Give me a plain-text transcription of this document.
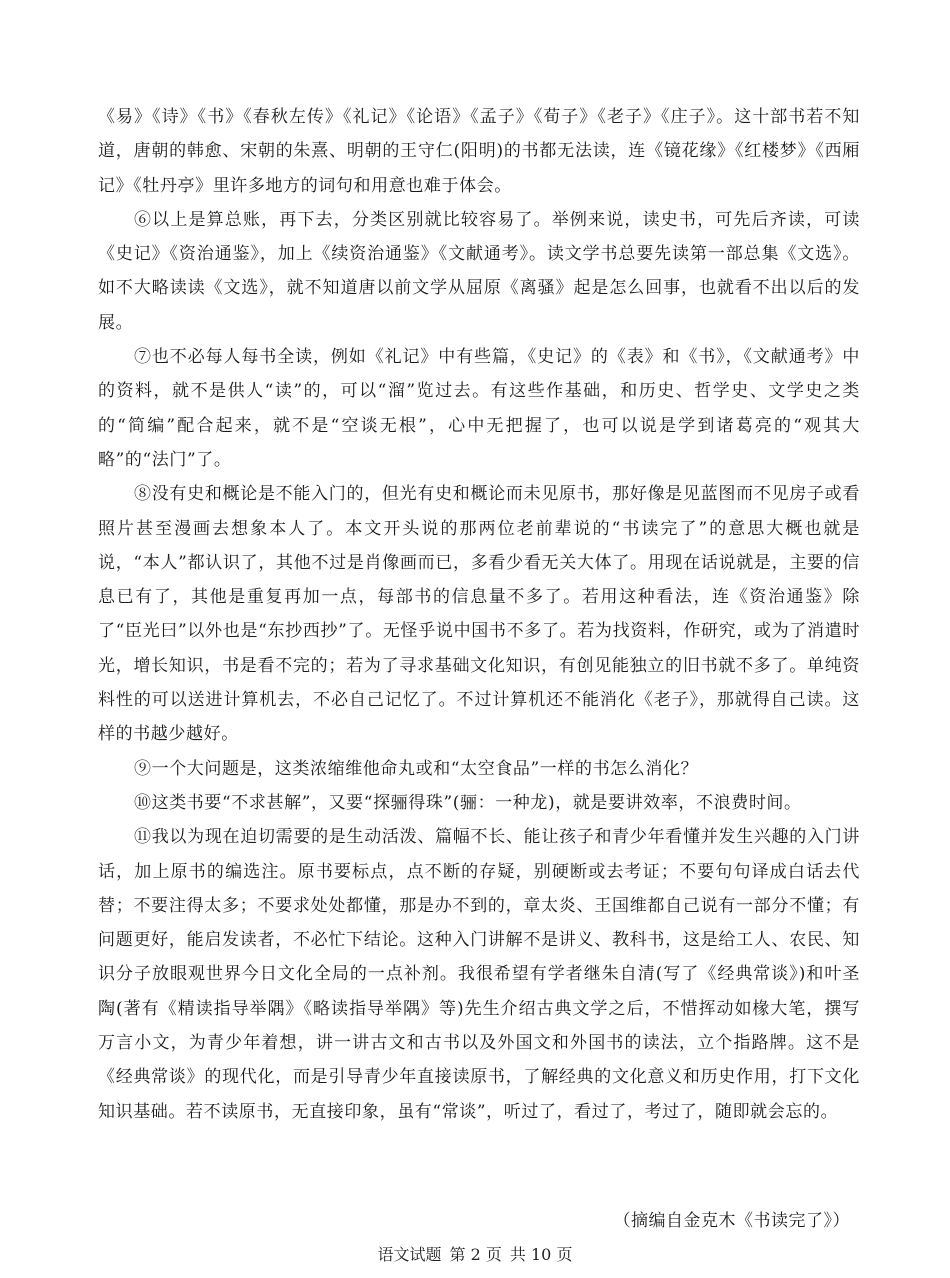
《易》《诗》《书》《春秋左传》《礼记》《论语》《孟子》《荀子》《老子》《庄子》。这十部书若不知道，唐朝的韩愈、宋朝的朱熹、明朝的王守仁(阳明)的书都无法读，连《镜花缘》《红楼梦》《西厢记》《牡丹亭》里许多地方的词句和用意也难于体会。

⑥以上是算总账，再下去，分类区别就比较容易了。举例来说，读史书，可先后齐读，可读《史记》《资治通鉴》，加上《续资治通鉴》《文献通考》。读文学书总要先读第一部总集《文选》。如不大略读读《文选》，就不知道唐以前文学从屈原《离骚》起是怎么回事，也就看不出以后的发展。

⑦也不必每人每书全读，例如《礼记》中有些篇，《史记》的《表》和《书》，《文献通考》中的资料，就不是供人“读”的，可以“溜”览过去。有这些作基础，和历史、哲学史、文学史之类的“简编”配合起来，就不是“空谈无根”，心中无把握了，也可以说是学到诸葛亮的“观其大略”的“法门”了。

⑧没有史和概论是不能入门的，但光有史和概论而未见原书，那好像是见蓝图而不见房子或看照片甚至漫画去想象本人了。本文开头说的那两位老前辈说的“书读完了”的意思大概也就是说，“本人”都认识了，其他不过是肖像画而已，多看少看无关大体了。用现在话说就是，主要的信息已有了，其他是重复再加一点，每部书的信息量不多了。若用这种看法，连《资治通鉴》除了“臣光曰”以外也是“东抄西抄”了。无怪乎说中国书不多了。若为找资料，作研究，或为了消遣时光，增长知识，书是看不完的；若为了寻求基础文化知识，有创见能独立的旧书就不多了。单纯资料性的可以送进计算机去，不必自己记忆了。不过计算机还不能消化《老子》，那就得自己读。这样的书越少越好。

⑨一个大问题是，这类浓缩维他命丸或和“太空食品”一样的书怎么消化？

⑩这类书要“不求甚解”，又要“探骊得珠”(骊：一种龙)，就是要讲效率，不浪费时间。

⑪我以为现在迫切需要的是生动活泼、篇幅不长、能让孩子和青少年看懂并发生兴趣的入门讲话，加上原书的编选注。原书要标点，点不断的存疑，别硬断或去考证；不要句句译成白话去代替；不要注得太多；不要求处处都懂，那是办不到的，章太炎、王国维都自己说有一部分不懂；有问题更好，能启发读者，不必忙下结论。这种入门讲解不是讲义、教科书，这是给工人、农民、知识分子放眼观世界今日文化全局的一点补剂。我很希望有学者继朱自清(写了《经典常谈》)和叶圣陶(著有《精读指导举隅》《略读指导举隅》等)先生介绍古典文学之后，不惜挥动如椽大笔，撰写万言小文，为青少年着想，讲一讲古文和古书以及外国文和外国书的读法，立个指路牌。这不是《经典常谈》的现代化，而是引导青少年直接读原书，了解经典的文化意义和历史作用，打下文化知识基础。若不读原书，无直接印象，虽有“常谈”，听过了，看过了，考过了，随即就会忘的。

（摘编自金克木《书读完了》）
语文试题 第 2 页 共 10 页
